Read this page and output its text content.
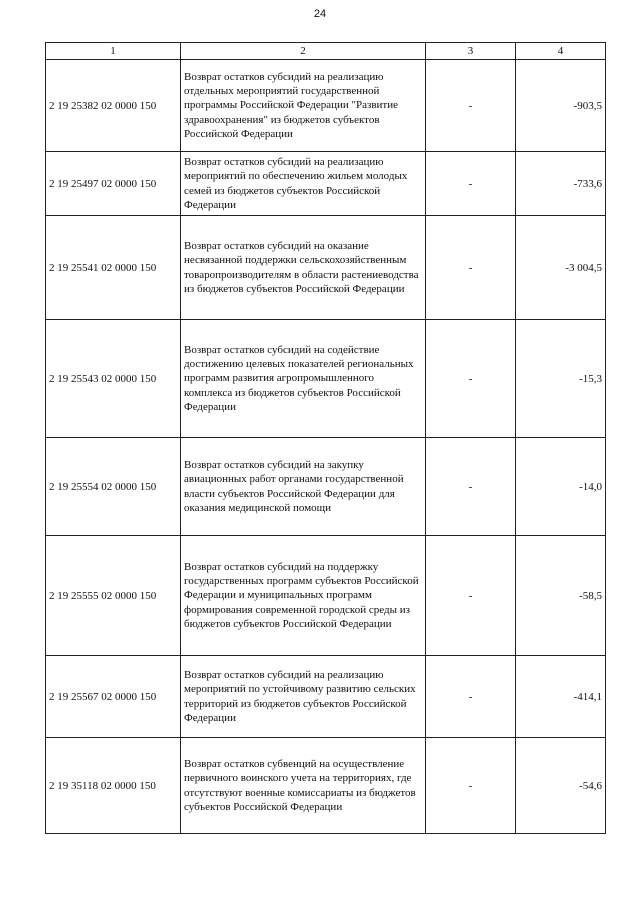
24
1	2	3	4
2 19 25382 02 0000 150	Возврат остатков субсидий на реализацию отдельных мероприятий государственной программы Российской Федерации "Развитие здравоохранения" из бюджетов субъектов Российской Федерации	-	-903,5
2 19 25497 02 0000 150	Возврат остатков субсидий на реализацию мероприятий по обеспечению жильем молодых семей из бюджетов субъектов Российской Федерации	-	-733,6
2 19 25541 02 0000 150	Возврат остатков субсидий на оказание несвязанной поддержки сельскохозяйственным товаропроизводителям в области растениеводства из бюджетов субъектов Российской Федерации	-	-3 004,5
2 19 25543 02 0000 150	Возврат остатков субсидий на содействие достижению целевых показателей региональных программ развития агропромышленного комплекса из бюджетов субъектов Российской Федерации	-	-15,3
2 19 25554 02 0000 150	Возврат остатков субсидий на закупку авиационных работ органами государственной власти субъектов Российской Федерации для оказания медицинской помощи	-	-14,0
2 19 25555 02 0000 150	Возврат остатков субсидий на поддержку государственных программ субъектов Российской Федерации и муниципальных программ формирования современной городской среды из бюджетов субъектов Российской Федерации	-	-58,5
2 19 25567 02 0000 150	Возврат остатков субсидий на реализацию мероприятий по устойчивому развитию сельских территорий из бюджетов субъектов Российской Федерации	-	-414,1
2 19 35118 02 0000 150	Возврат остатков субвенций на осуществление первичного воинского учета на территориях, где отсутствуют военные комиссариаты из бюджетов субъектов Российской Федерации	-	-54,6
